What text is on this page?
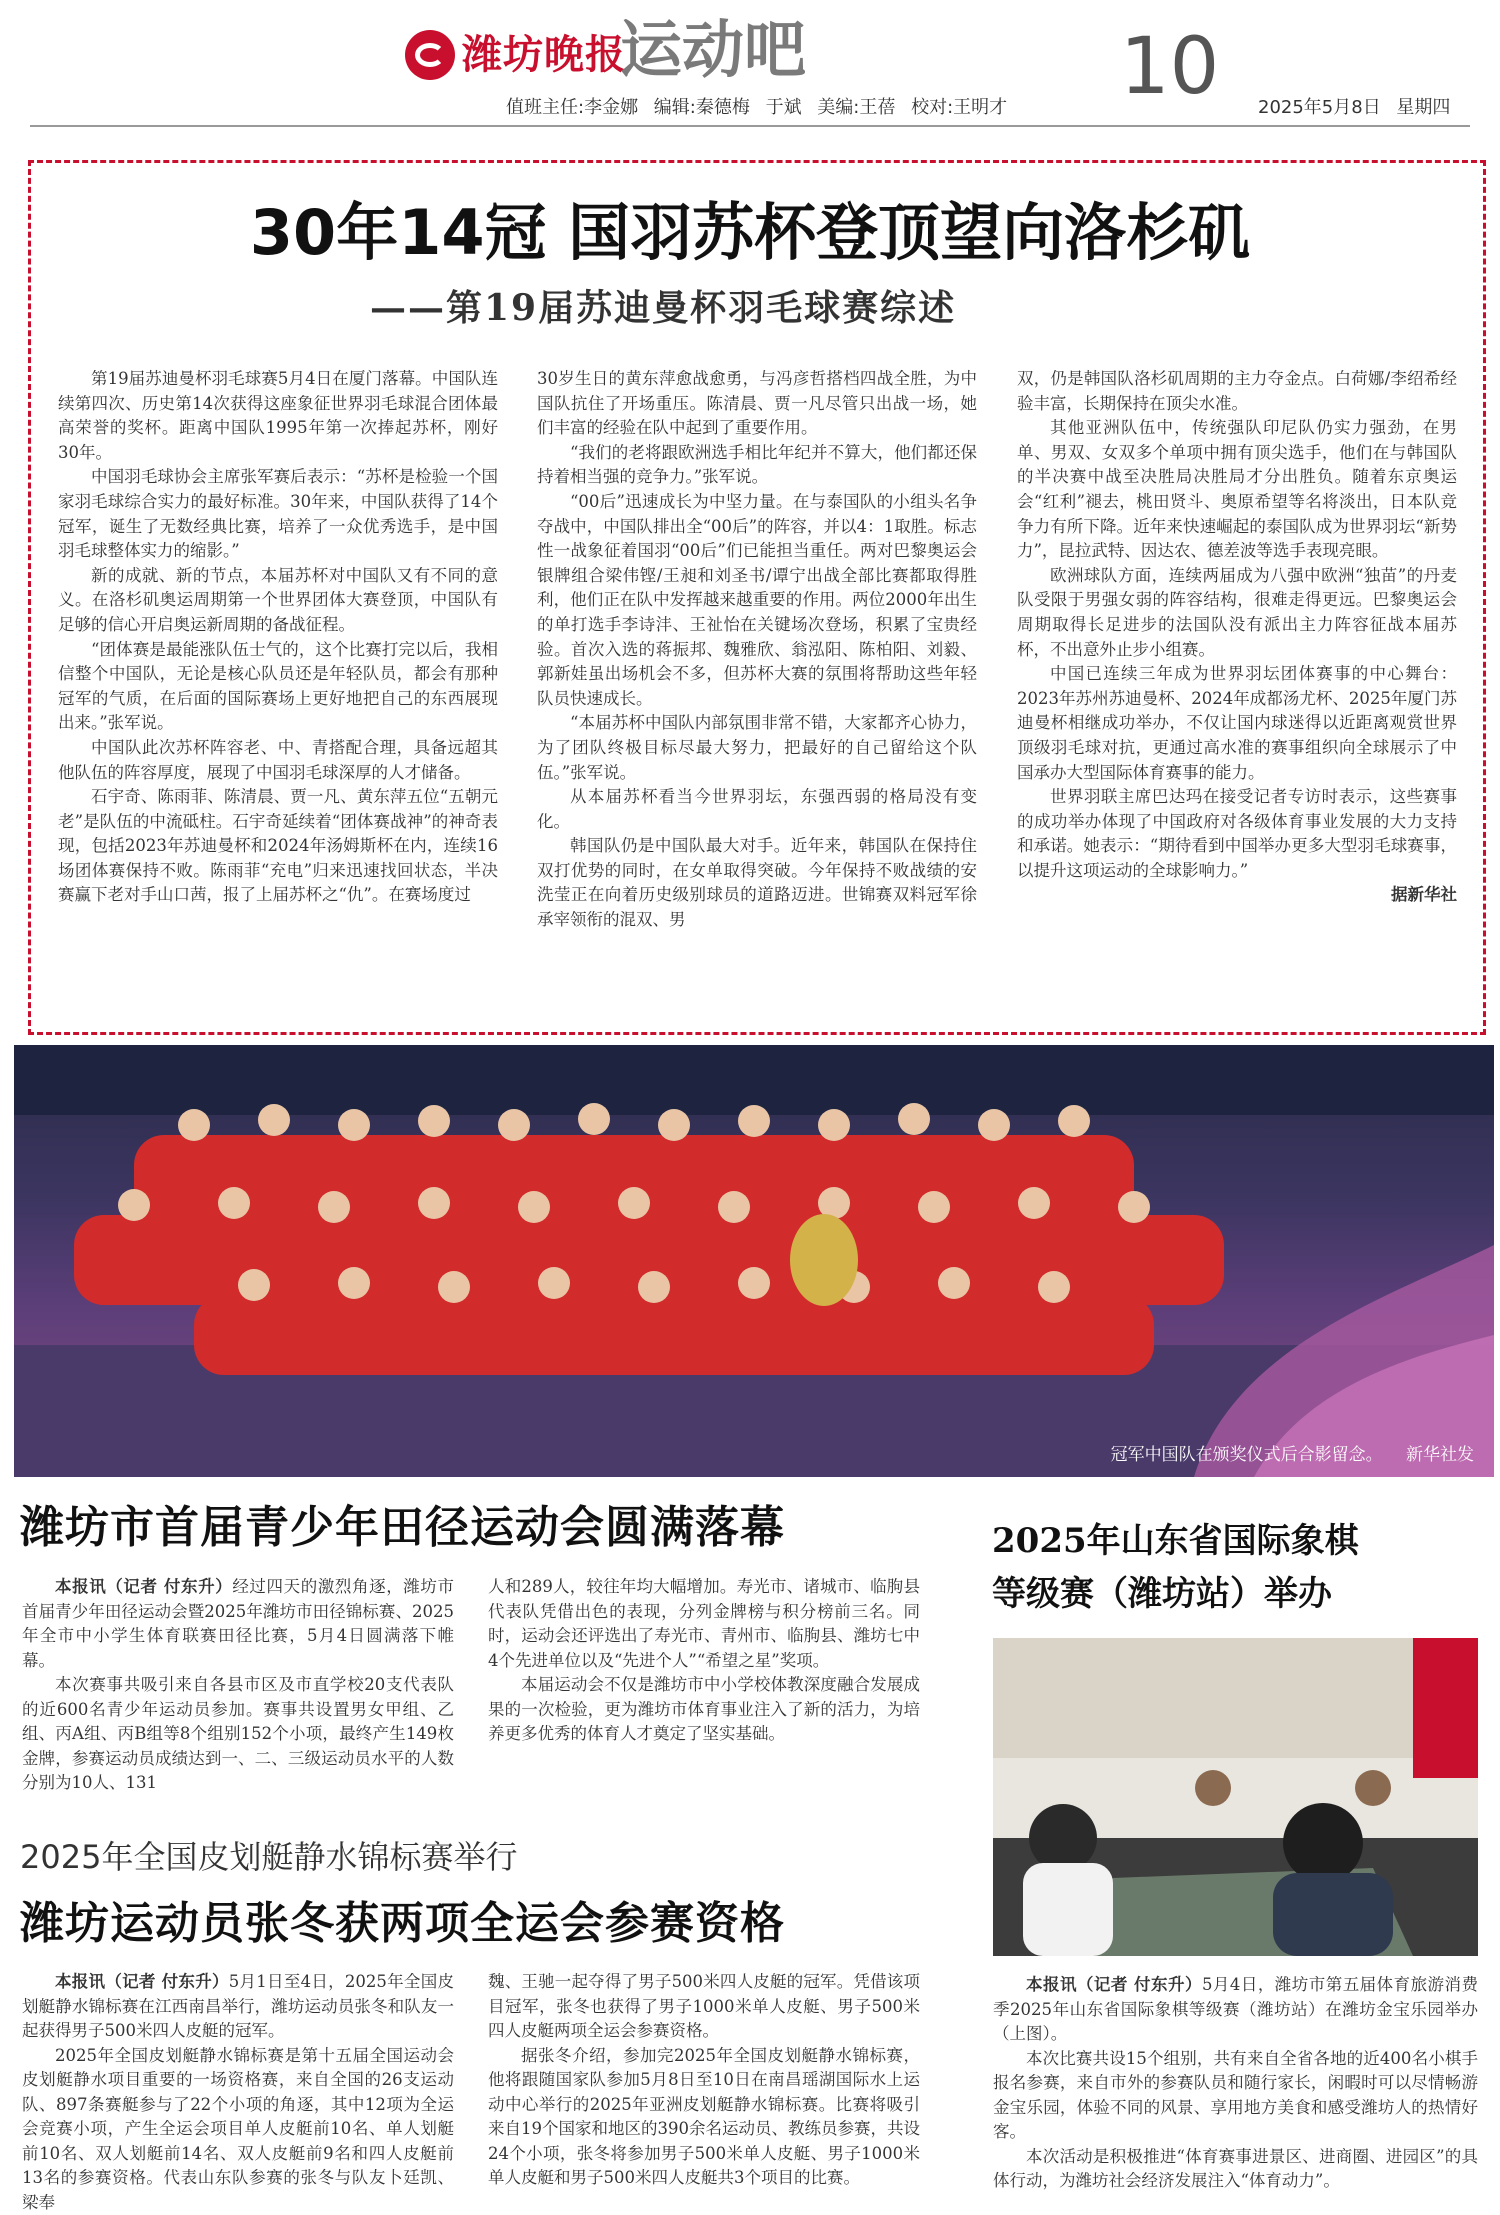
潍坊晚报
运动吧	10
值班主任:李金娜 编辑:秦德梅 于斌 美编:王蓓 校对:王明才	2025年5月8日 星期四
30年14冠 国羽苏杯登顶望向洛杉矶
——第19届苏迪曼杯羽毛球赛综述

第19届苏迪曼杯羽毛球赛5月4日在厦门落幕。中国队连续第四次、历史第14次获得这座象征世界羽毛球混合团体最高荣誉的奖杯。距离中国队1995年第一次捧起苏杯，刚好30年。

中国羽毛球协会主席张军赛后表示：“苏杯是检验一个国家羽毛球综合实力的最好标准。30年来，中国队获得了14个冠军，诞生了无数经典比赛，培养了一众优秀选手，是中国羽毛球整体实力的缩影。”

新的成就、新的节点，本届苏杯对中国队又有不同的意义。在洛杉矶奥运周期第一个世界团体大赛登顶，中国队有足够的信心开启奥运新周期的备战征程。

“团体赛是最能涨队伍士气的，这个比赛打完以后，我相信整个中国队，无论是核心队员还是年轻队员，都会有那种冠军的气质，在后面的国际赛场上更好地把自己的东西展现出来。”张军说。

中国队此次苏杯阵容老、中、青搭配合理，具备远超其他队伍的阵容厚度，展现了中国羽毛球深厚的人才储备。

石宇奇、陈雨菲、陈清晨、贾一凡、黄东萍五位“五朝元老”是队伍的中流砥柱。石宇奇延续着“团体赛战神”的神奇表现，包括2023年苏迪曼杯和2024年汤姆斯杯在内，连续16场团体赛保持不败。陈雨菲“充电”归来迅速找回状态，半决赛赢下老对手山口茜，报了上届苏杯之“仇”。在赛场度过

30岁生日的黄东萍愈战愈勇，与冯彦哲搭档四战全胜，为中国队抗住了开场重压。陈清晨、贾一凡尽管只出战一场，她们丰富的经验在队中起到了重要作用。

“我们的老将跟欧洲选手相比年纪并不算大，他们都还保持着相当强的竞争力。”张军说。

“00后”迅速成长为中坚力量。在与泰国队的小组头名争夺战中，中国队排出全“00后”的阵容，并以4：1取胜。标志性一战象征着国羽“00后”们已能担当重任。两对巴黎奥运会银牌组合梁伟铿/王昶和刘圣书/谭宁出战全部比赛都取得胜利，他们正在队中发挥越来越重要的作用。两位2000年出生的单打选手李诗沣、王祉怡在关键场次登场，积累了宝贵经验。首次入选的蒋振邦、魏雅欣、翁泓阳、陈柏阳、刘毅、郭新娃虽出场机会不多，但苏杯大赛的氛围将帮助这些年轻队员快速成长。

“本届苏杯中国队内部氛围非常不错，大家都齐心协力，为了团队终极目标尽最大努力，把最好的自己留给这个队伍。”张军说。

从本届苏杯看当今世界羽坛，东强西弱的格局没有变化。

韩国队仍是中国队最大对手。近年来，韩国队在保持住双打优势的同时，在女单取得突破。今年保持不败战绩的安洗莹正在向着历史级别球员的道路迈进。世锦赛双料冠军徐承宰领衔的混双、男

双，仍是韩国队洛杉矶周期的主力夺金点。白荷娜/李绍希经验丰富，长期保持在顶尖水准。

其他亚洲队伍中，传统强队印尼队仍实力强劲，在男单、男双、女双多个单项中拥有顶尖选手，他们在与韩国队的半决赛中战至决胜局决胜局才分出胜负。随着东京奥运会“红利”褪去，桃田贤斗、奥原希望等名将淡出，日本队竞争力有所下降。近年来快速崛起的泰国队成为世界羽坛“新势力”，昆拉武特、因达农、德差波等选手表现亮眼。

欧洲球队方面，连续两届成为八强中欧洲“独苗”的丹麦队受限于男强女弱的阵容结构，很难走得更远。巴黎奥运会周期取得长足进步的法国队没有派出主力阵容征战本届苏杯，不出意外止步小组赛。

中国已连续三年成为世界羽坛团体赛事的中心舞台：2023年苏州苏迪曼杯、2024年成都汤尤杯、2025年厦门苏迪曼杯相继成功举办，不仅让国内球迷得以近距离观赏世界顶级羽毛球对抗，更通过高水准的赛事组织向全球展示了中国承办大型国际体育赛事的能力。

世界羽联主席巴达玛在接受记者专访时表示，这些赛事的成功举办体现了中国政府对各级体育事业发展的大力支持和承诺。她表示：“期待看到中国举办更多大型羽毛球赛事，以提升这项运动的全球影响力。”

据新华社
冠军中国队在颁奖仪式后合影留念。 新华社发
潍坊市首届青少年田径运动会圆满落幕

本报讯（记者 付东升）经过四天的激烈角逐，潍坊市首届青少年田径运动会暨2025年潍坊市田径锦标赛、2025年全市中小学生体育联赛田径比赛，5月4日圆满落下帷幕。

本次赛事共吸引来自各县市区及市直学校20支代表队的近600名青少年运动员参加。赛事共设置男女甲组、乙组、丙A组、丙B组等8个组别152个小项，最终产生149枚金牌，参赛运动员成绩达到一、二、三级运动员水平的人数分别为10人、131

人和289人，较往年均大幅增加。寿光市、诸城市、临朐县代表队凭借出色的表现，分列金牌榜与积分榜前三名。同时，运动会还评选出了寿光市、青州市、临朐县、潍坊七中4个先进单位以及“先进个人”“希望之星”奖项。

本届运动会不仅是潍坊市中小学校体教深度融合发展成果的一次检验，更为潍坊市体育事业注入了新的活力，为培养更多优秀的体育人才奠定了坚实基础。

2025年全国皮划艇静水锦标赛举行
潍坊运动员张冬获两项全运会参赛资格

本报讯（记者 付东升）5月1日至4日，2025年全国皮划艇静水锦标赛在江西南昌举行，潍坊运动员张冬和队友一起获得男子500米四人皮艇的冠军。

2025年全国皮划艇静水锦标赛是第十五届全国运动会皮划艇静水项目重要的一场资格赛，来自全国的26支运动队、897条赛艇参与了22个小项的角逐，其中12项为全运会竞赛小项，产生全运会项目单人皮艇前10名、单人划艇前10名、双人划艇前14名、双人皮艇前9名和四人皮艇前13名的参赛资格。代表山东队参赛的张冬与队友卜廷凯、梁奉

魏、王驰一起夺得了男子500米四人皮艇的冠军。凭借该项目冠军，张冬也获得了男子1000米单人皮艇、男子500米四人皮艇两项全运会参赛资格。

据张冬介绍，参加完2025年全国皮划艇静水锦标赛，他将跟随国家队参加5月8日至10日在南昌瑶湖国际水上运动中心举行的2025年亚洲皮划艇静水锦标赛。比赛将吸引来自19个国家和地区的390余名运动员、教练员参赛，共设24个小项，张冬将参加男子500米单人皮艇、男子1000米单人皮艇和男子500米四人皮艇共3个项目的比赛。

2025年山东省国际象棋
等级赛（潍坊站）举办

本报讯（记者 付东升）5月4日，潍坊市第五届体育旅游消费季2025年山东省国际象棋等级赛（潍坊站）在潍坊金宝乐园举办（上图）。

本次比赛共设15个组别，共有来自全省各地的近400名小棋手报名参赛，来自市外的参赛队员和随行家长，闲暇时可以尽情畅游金宝乐园，体验不同的风景、享用地方美食和感受潍坊人的热情好客。

本次活动是积极推进“体育赛事进景区、进商圈、进园区”的具体行动，为潍坊社会经济发展注入“体育动力”。
